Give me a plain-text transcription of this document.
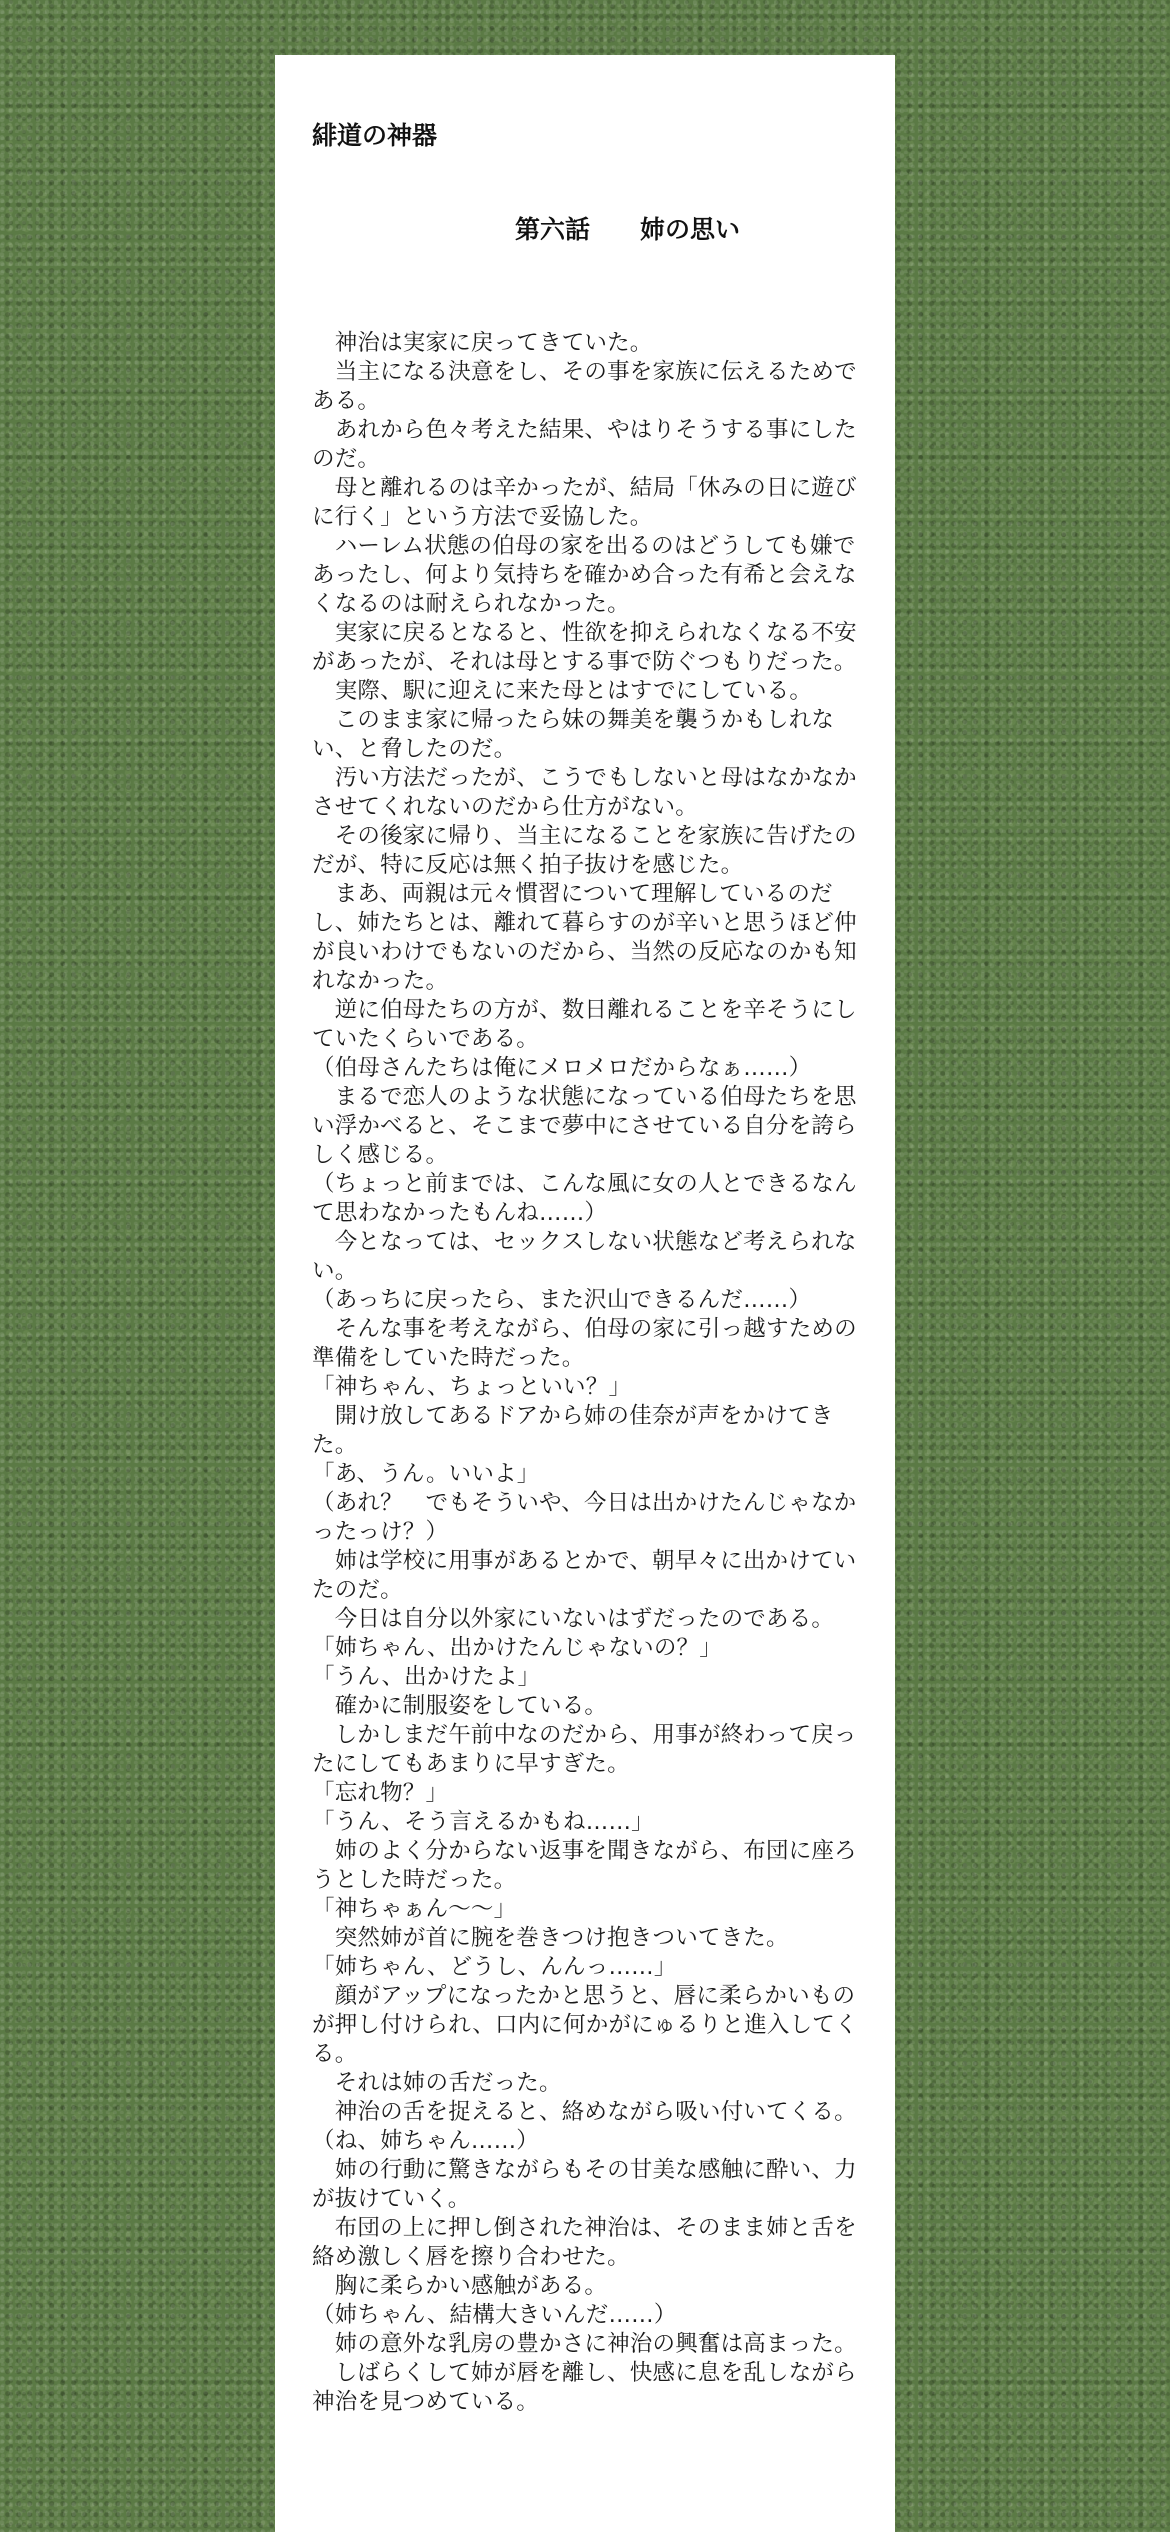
緋道の神器
第六話　　姉の思い

　神治は実家に戻ってきていた。

　当主になる決意をし、その事を家族に伝えるためである。

　あれから色々考えた結果、やはりそうする事にしたのだ。

　母と離れるのは辛かったが、結局「休みの日に遊びに行く」という方法で妥協した。

　ハーレム状態の伯母の家を出るのはどうしても嫌であったし、何より気持ちを確かめ合った有希と会えなくなるのは耐えられなかった。

　実家に戻るとなると、性欲を抑えられなくなる不安があったが、それは母とする事で防ぐつもりだった。

　実際、駅に迎えに来た母とはすでにしている。

　このまま家に帰ったら妹の舞美を襲うかもしれない、と脅したのだ。

　汚い方法だったが、こうでもしないと母はなかなかさせてくれないのだから仕方がない。

　その後家に帰り、当主になることを家族に告げたのだが、特に反応は無く拍子抜けを感じた。

　まあ、両親は元々慣習について理解しているのだし、姉たちとは、離れて暮らすのが辛いと思うほど仲が良いわけでもないのだから、当然の反応なのかも知れなかった。

　逆に伯母たちの方が、数日離れることを辛そうにしていたくらいである。

（伯母さんたちは俺にメロメロだからなぁ……）

　まるで恋人のような状態になっている伯母たちを思い浮かべると、そこまで夢中にさせている自分を誇らしく感じる。

（ちょっと前までは、こんな風に女の人とできるなんて思わなかったもんね……）

　今となっては、セックスしない状態など考えられない。

（あっちに戻ったら、また沢山できるんだ……）

　そんな事を考えながら、伯母の家に引っ越すための準備をしていた時だった。

「神ちゃん、ちょっといい？」

　開け放してあるドアから姉の佳奈が声をかけてきた。

「あ、うん。いいよ」

（あれ？　でもそういや、今日は出かけたんじゃなかったっけ？）

　姉は学校に用事があるとかで、朝早々に出かけていたのだ。

　今日は自分以外家にいないはずだったのである。

「姉ちゃん、出かけたんじゃないの？」

「うん、出かけたよ」

　確かに制服姿をしている。

　しかしまだ午前中なのだから、用事が終わって戻ったにしてもあまりに早すぎた。

「忘れ物？」

「うん、そう言えるかもね……」

　姉のよく分からない返事を聞きながら、布団に座ろうとした時だった。

「神ちゃぁん〜〜」

　突然姉が首に腕を巻きつけ抱きついてきた。

「姉ちゃん、どうし、んんっ……」

　顔がアップになったかと思うと、唇に柔らかいものが押し付けられ、口内に何かがにゅるりと進入してくる。

　それは姉の舌だった。

　神治の舌を捉えると、絡めながら吸い付いてくる。

（ね、姉ちゃん……）

　姉の行動に驚きながらもその甘美な感触に酔い、力が抜けていく。

　布団の上に押し倒された神治は、そのまま姉と舌を絡め激しく唇を擦り合わせた。

　胸に柔らかい感触がある。

（姉ちゃん、結構大きいんだ……）

　姉の意外な乳房の豊かさに神治の興奮は高まった。

　しばらくして姉が唇を離し、快感に息を乱しながら神治を見つめている。
